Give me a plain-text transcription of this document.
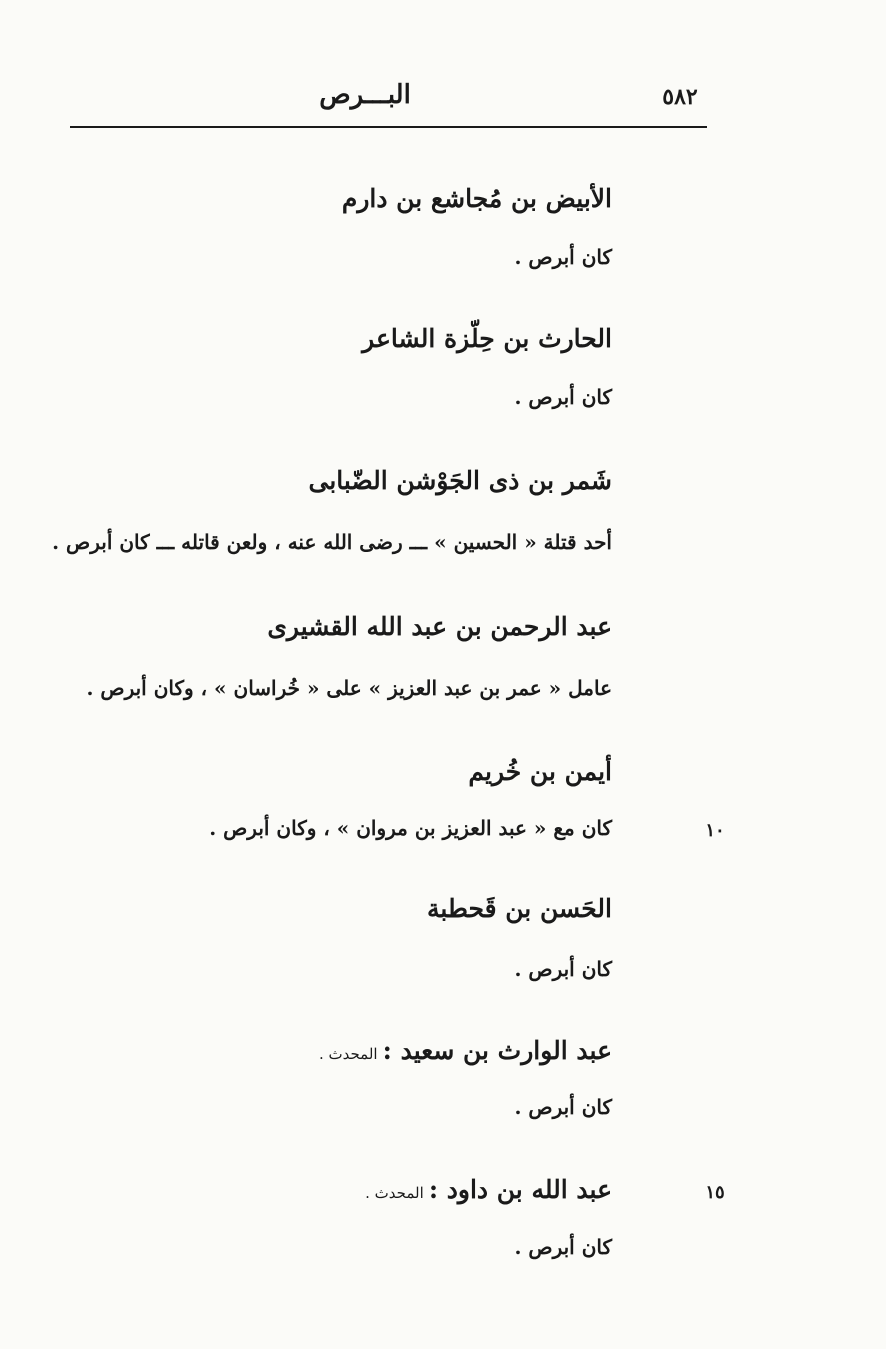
٥٨٢
البـــرص
الأبيض بن مُجاشع بن دارم
كان أبرص .
الحارث بن حِلّزة الشاعر
كان أبرص .
شَمر بن ذى الجَوْشن الضّبابى
أحد قتلة « الحسين » ـــ رضى الله عنه ، ولعن قاتله ـــ كان أبرص .
عبد الرحمن بن عبد الله القشيرى
عامل « عمر بن عبد العزيز » على « خُراسان » ، وكان أبرص .
أيمن بن خُريم
كان مع « عبد العزيز بن مروان » ، وكان أبرص .	١٠
الحَسن بن قَحطبة
كان أبرص .
عبد الوارث بن سعيد : المحدث .
كان أبرص .
عبد الله بن داود : المحدث .
كان أبرص .
١٥
